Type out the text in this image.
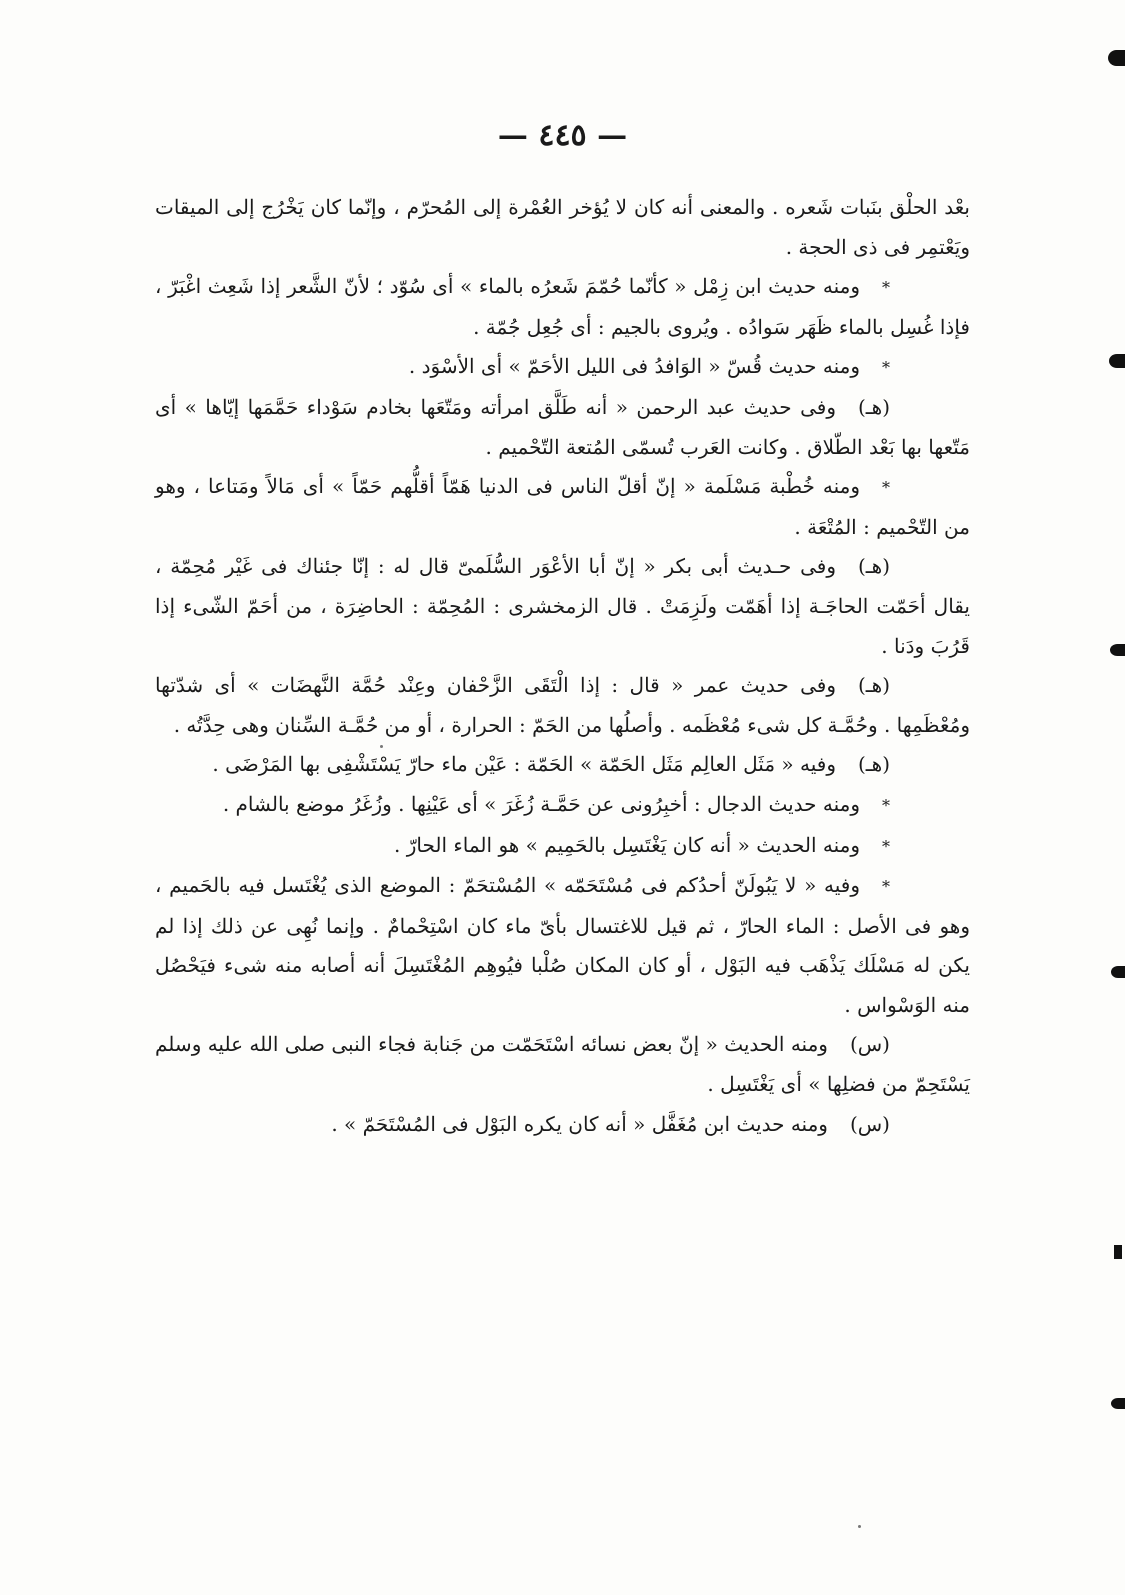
— ٤٤٥ —

بعْد الحلْق بنَبات شَعره . والمعنى أنه كان لا يُؤخر العُمْرة إلى المُحرّم ، وإنّما كان يَخْرُج إلى الميقات ويَعْتمِر فى ذى الحجة .

*ومنه حديث ابن زِمْل « كأنّما حُمّمَ شَعرُه بالماء » أى سُوّد ؛ لأنّ الشَّعر إذا شَعِث اغْبَرّ ، فإذا غُسِل بالماء ظَهَر سَوادُه . ويُروى بالجيم : أى جُعِل جُمّة .

*ومنه حديث قُسّ « الوَافدُ فى الليل الأحَمّ » أى الأسْوَد .

(هـ)وفى حديث عبد الرحمن « أنه طَلَّق امرأته ومَتّعَها بخادم سَوْداء حَمَّمَها إيّاها » أى مَتّعها بها بَعْد الطّلاق . وكانت العَرب تُسمّى المُتعة التّحْميم .

*ومنه خُطْبة مَسْلَمة « إنّ أقلّ الناس فى الدنيا هَمّاً أقلُّهم حَمّاً » أى مَالاً ومَتاعا ، وهو من التّحْميم : المُتْعَة .

(هـ)وفى حـديث أبى بكر « إنّ أبا الأعْوَر السُّلَمىّ قال له : إنّا جئناك فى غَيْر مُحِمّة ، يقال أحَمّت الحاجَـة إذا أهَمّت ولَزِمَتْ . قال الزمخشرى : المُحِمّة : الحاضِرَة ، من أحَمّ الشّىء إذا قَرُبَ ودَنا .

(هـ)وفى حديث عمر « قال : إذا الْتَقَى الزَّحْفان وعِنْد حُمَّة النَّهضَات » أى شدّتها ومُعْظَمِها . وحُمَّـة كل شىء مُعْظَمه . وأصلُها من الحَمّ : الحرارة ، أو من حُمَّـة السِّنان وهى حِدَّتُه .

(هـ)وفيه « مَثَل العالِم مَثَل الحَمّة » الحَمّة : عَيْن ماء حارّ يَسْتَشْفِى بها المَرْضَى .

*ومنه حديث الدجال : أخبِرُونى عن حَمَّـة زُغَرَ » أى عَيْنِها . وزُغَرُ موضع بالشام .

*ومنه الحديث « أنه كان يَغْتَسِل بالحَمِيم » هو الماء الحارّ .

*وفيه « لا يَبُولَنّ أحدُكم فى مُسْتَحَمّه » المُسْتحَمّ : الموضع الذى يُغْتَسل فيه بالحَميم ، وهو فى الأصل : الماء الحارّ ، ثم قيل للاغتسال بأىّ ماء كان اسْتِحْمامٌ . وإنما نُهِى عن ذلك إذا لم يكن له مَسْلَك يَذْهَب فيه البَوْل ، أو كان المكان صُلْبا فيُوهِم المُغْتَسِلَ أنه أصابه منه شىء فيَحْصُل منه الوَسْواس .

(س)ومنه الحديث « إنّ بعض نسائه اسْتَحَمّت من جَنابة فجاء النبى صلى الله عليه وسلم يَسْتَحِمّ من فضلِها » أى يَغْتَسِل .

(س)ومنه حديث ابن مُغَفَّل « أنه كان يكره البَوْل فى المُسْتَحَمّ » .
